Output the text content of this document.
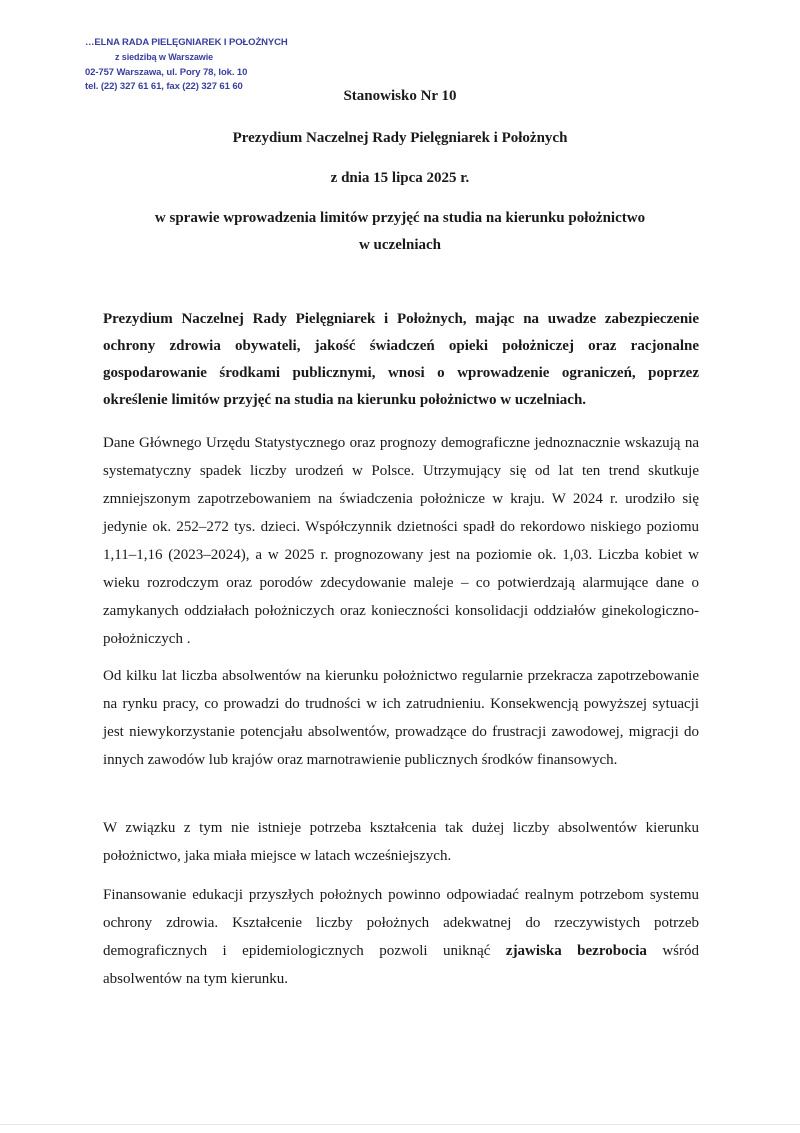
…ELNA RADA PIELĘGNIAREK I POŁOŻNYCH
z siedzibą w Warszawie
02-757 Warszawa, ul. Pory 78, lok. 10
tel. (22) 327 61 61, fax (22) 327 61 60
Stanowisko Nr 10
Prezydium Naczelnej Rady Pielęgniarek i Położnych
z dnia 15 lipca 2025 r.
w sprawie wprowadzenia limitów przyjęć na studia na kierunku położnictwo
w uczelniach
Prezydium Naczelnej Rady Pielęgniarek i Położnych, mając na uwadze zabezpieczenie ochrony zdrowia obywateli, jakość świadczeń opieki położniczej oraz racjonalne gospodarowanie środkami publicznymi, wnosi o wprowadzenie ograniczeń, poprzez określenie limitów przyjęć na studia na kierunku położnictwo w uczelniach.
Dane Głównego Urzędu Statystycznego oraz prognozy demograficzne jednoznacznie wskazują na systematyczny spadek liczby urodzeń w Polsce. Utrzymujący się od lat ten trend skutkuje zmniejszonym zapotrzebowaniem na świadczenia położnicze w kraju. W 2024 r. urodziło się jedynie ok. 252–272 tys. dzieci. Współczynnik dzietności spadł do rekordowo niskiego poziomu 1,11–1,16 (2023–2024), a w 2025 r. prognozowany jest na poziomie ok. 1,03. Liczba kobiet w wieku rozrodczym oraz porodów zdecydowanie maleje – co potwierdzają alarmujące dane o zamykanych oddziałach położniczych oraz konieczności konsolidacji oddziałów ginekologiczno-położniczych .
Od kilku lat liczba absolwentów na kierunku położnictwo regularnie przekracza zapotrzebowanie na rynku pracy, co prowadzi do trudności w ich zatrudnieniu. Konsekwencją powyższej sytuacji jest niewykorzystanie potencjału absolwentów, prowadzące do frustracji zawodowej, migracji do innych zawodów lub krajów oraz marnotrawienie publicznych środków finansowych.
W związku z tym nie istnieje potrzeba kształcenia tak dużej liczby absolwentów kierunku położnictwo, jaka miała miejsce w latach wcześniejszych.
Finansowanie edukacji przyszłych położnych powinno odpowiadać realnym potrzebom systemu ochrony zdrowia. Kształcenie liczby położnych adekwatnej do rzeczywistych potrzeb demograficznych i epidemiologicznych pozwoli uniknąć zjawiska bezrobocia wśród absolwentów na tym kierunku.
